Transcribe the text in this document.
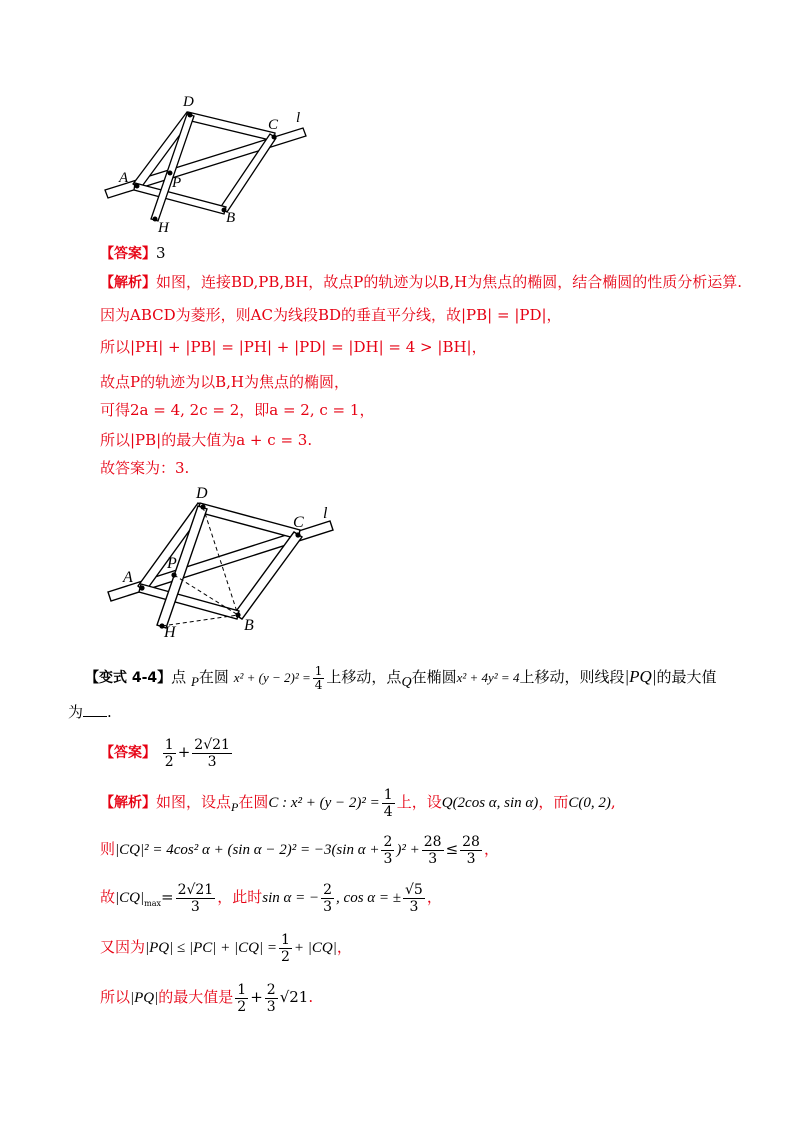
D
C l
A	P
H
B
【答案】3
【解析】如图，连接BD,PB,BH，故点P的轨迹为以B,H为焦点的椭圆，结合椭圆的性质分析运算.
因为ABCD为菱形，则AC为线段BD的垂直平分线，故|PB| = |PD|，
所以|PH| + |PB| = |PH| + |PD| = |DH| = 4 > |BH|，
故点P的轨迹为以B,H为焦点的椭圆，
可得2a = 4, 2c = 2，即a = 2, c = 1，
所以|PB|的最大值为a + c = 3.
故答案为：3.
D
C
l
A
P
H	B
【变式 4-4】点 $_P$在圆 $x^2 + (y - 2)^2 = \frac{1}{4}$ 上移动，点$_Q$在椭圆x² + 4y² = 4上移动，则线段|PQ|的最大值
为 .
【答案】 $\frac{1}{2} + \frac{2√21}{3}$
【解析】如图，设点$_P$在圆C : $x^2 + (y - 2)^2 = \frac{1}{4}$ 上，设Q(2cos α, sin α)，而C(0, 2),
则|CQ|² = 4cos² α + (sin α − 2)² = −3(sin $\alpha + \frac{2}{3} )^2 + \frac{28}{3} \le \frac{28}{3}$ ，
故$|CQ|_{max}= \frac{2√21}{3}$ ，此时sin α = − $\frac{2}{3}$ , cos α = ± $\frac{√5}{3}$ ，
又因为$|PQ| \le |PC| + |CQ| = \frac{1}{2} + |CQ|$，
所以|PQ|的最大值是 $\frac{1}{2} + \frac{2}{3} √21$.
